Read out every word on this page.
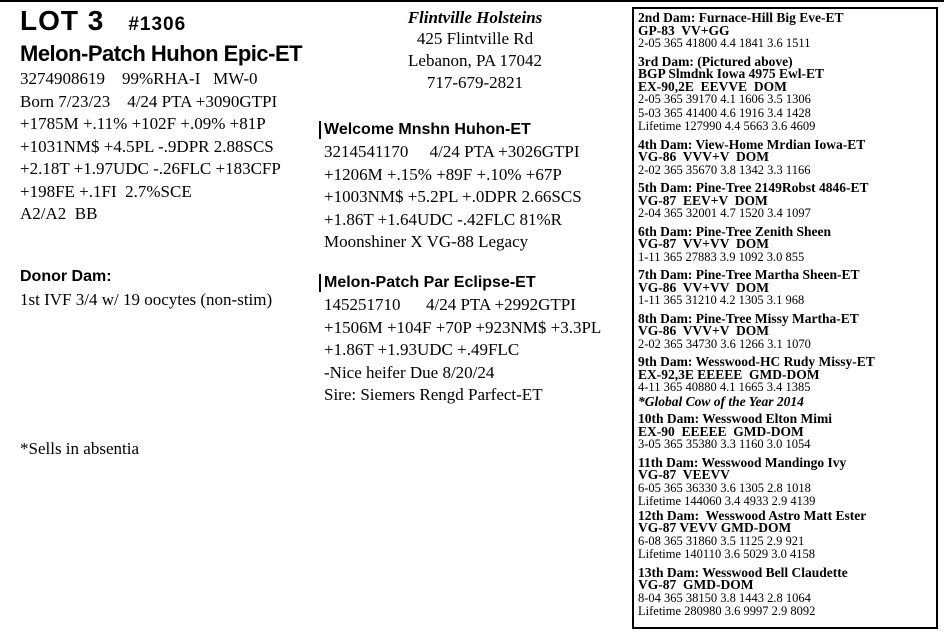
LOT 3 #1306
Melon-Patch Huhon Epic-ET
3274908619    99%RHA-I   MW-0
Born 7/23/23    4/24 PTA +3090GTPI
+1785M +.11% +102F +.09% +81P
+1031NM$ +4.5PL -.9DPR 2.88SCS
+2.18T +1.97UDC -.26FLC +183CFP
+198FE +.1FI  2.7%SCE
A2/A2  BB
Donor Dam:
1st IVF 3/4 w/ 19 oocytes (non-stim)
*Sells in absentia
Flintville Holsteins
425 Flintville Rd
Lebanon, PA 17042
717-679-2821
Welcome Mnshn Huhon-ET
3214541170     4/24 PTA +3026GTPI
+1206M +.15% +89F +.10% +67P
+1003NM$ +5.2PL +.0DPR 2.66SCS
+1.86T +1.64UDC -.42FLC 81%R
Moonshiner X VG-88 Legacy
Melon-Patch Par Eclipse-ET
145251710      4/24 PTA +2992GTPI
+1506M +104F +70P +923NM$ +3.3PL
+1.86T +1.93UDC +.49FLC
-Nice heifer Due 8/20/24
Sire: Siemers Rengd Parfect-ET
2nd Dam: Furnace-Hill Big Eve-ET
GP-83  VV+GG
2-05 365 41800 4.4 1841 3.6 1511
3rd Dam: (Pictured above)
BGP Slmdnk Iowa 4975 Ewl-ET
EX-90,2E  EEVVE  DOM
2-05 365 39170 4.1 1606 3.5 1306
5-03 365 41400 4.6 1916 3.4 1428
Lifetime 127990 4.4 5663 3.6 4609
4th Dam: View-Home Mrdian Iowa-ET
VG-86  VVV+V  DOM
2-02 365 35670 3.8 1342 3.3 1166
5th Dam: Pine-Tree 2149Robst 4846-ET
VG-87  EEV+V  DOM
2-04 365 32001 4.7 1520 3.4 1097
6th Dam: Pine-Tree Zenith Sheen
VG-87  VV+VV  DOM
1-11 365 27883 3.9 1092 3.0 855
7th Dam: Pine-Tree Martha Sheen-ET
VG-86  VV+VV  DOM
1-11 365 31210 4.2 1305 3.1 968
8th Dam: Pine-Tree Missy Martha-ET
VG-86  VVV+V  DOM
2-02 365 34730 3.6 1266 3.1 1070
9th Dam: Wesswood-HC Rudy Missy-ET
EX-92,3E EEEEE  GMD-DOM
4-11 365 40880 4.1 1665 3.4 1385
*Global Cow of the Year 2014
10th Dam: Wesswood Elton Mimi
EX-90  EEEEE  GMD-DOM
3-05 365 35380 3.3 1160 3.0 1054
11th Dam: Wesswood Mandingo Ivy
VG-87  VEEVV
6-05 365 36330 3.6 1305 2.8 1018
Lifetime 144060 3.4 4933 2.9 4139
12th Dam:  Wesswood Astro Matt Ester
VG-87 VEVV GMD-DOM
6-08 365 31860 3.5 1125 2.9 921
Lifetime 140110 3.6 5029 3.0 4158
13th Dam: Wesswood Bell Claudette
VG-87  GMD-DOM
8-04 365 38150 3.8 1443 2.8 1064
Lifetime 280980 3.6 9997 2.9 8092
